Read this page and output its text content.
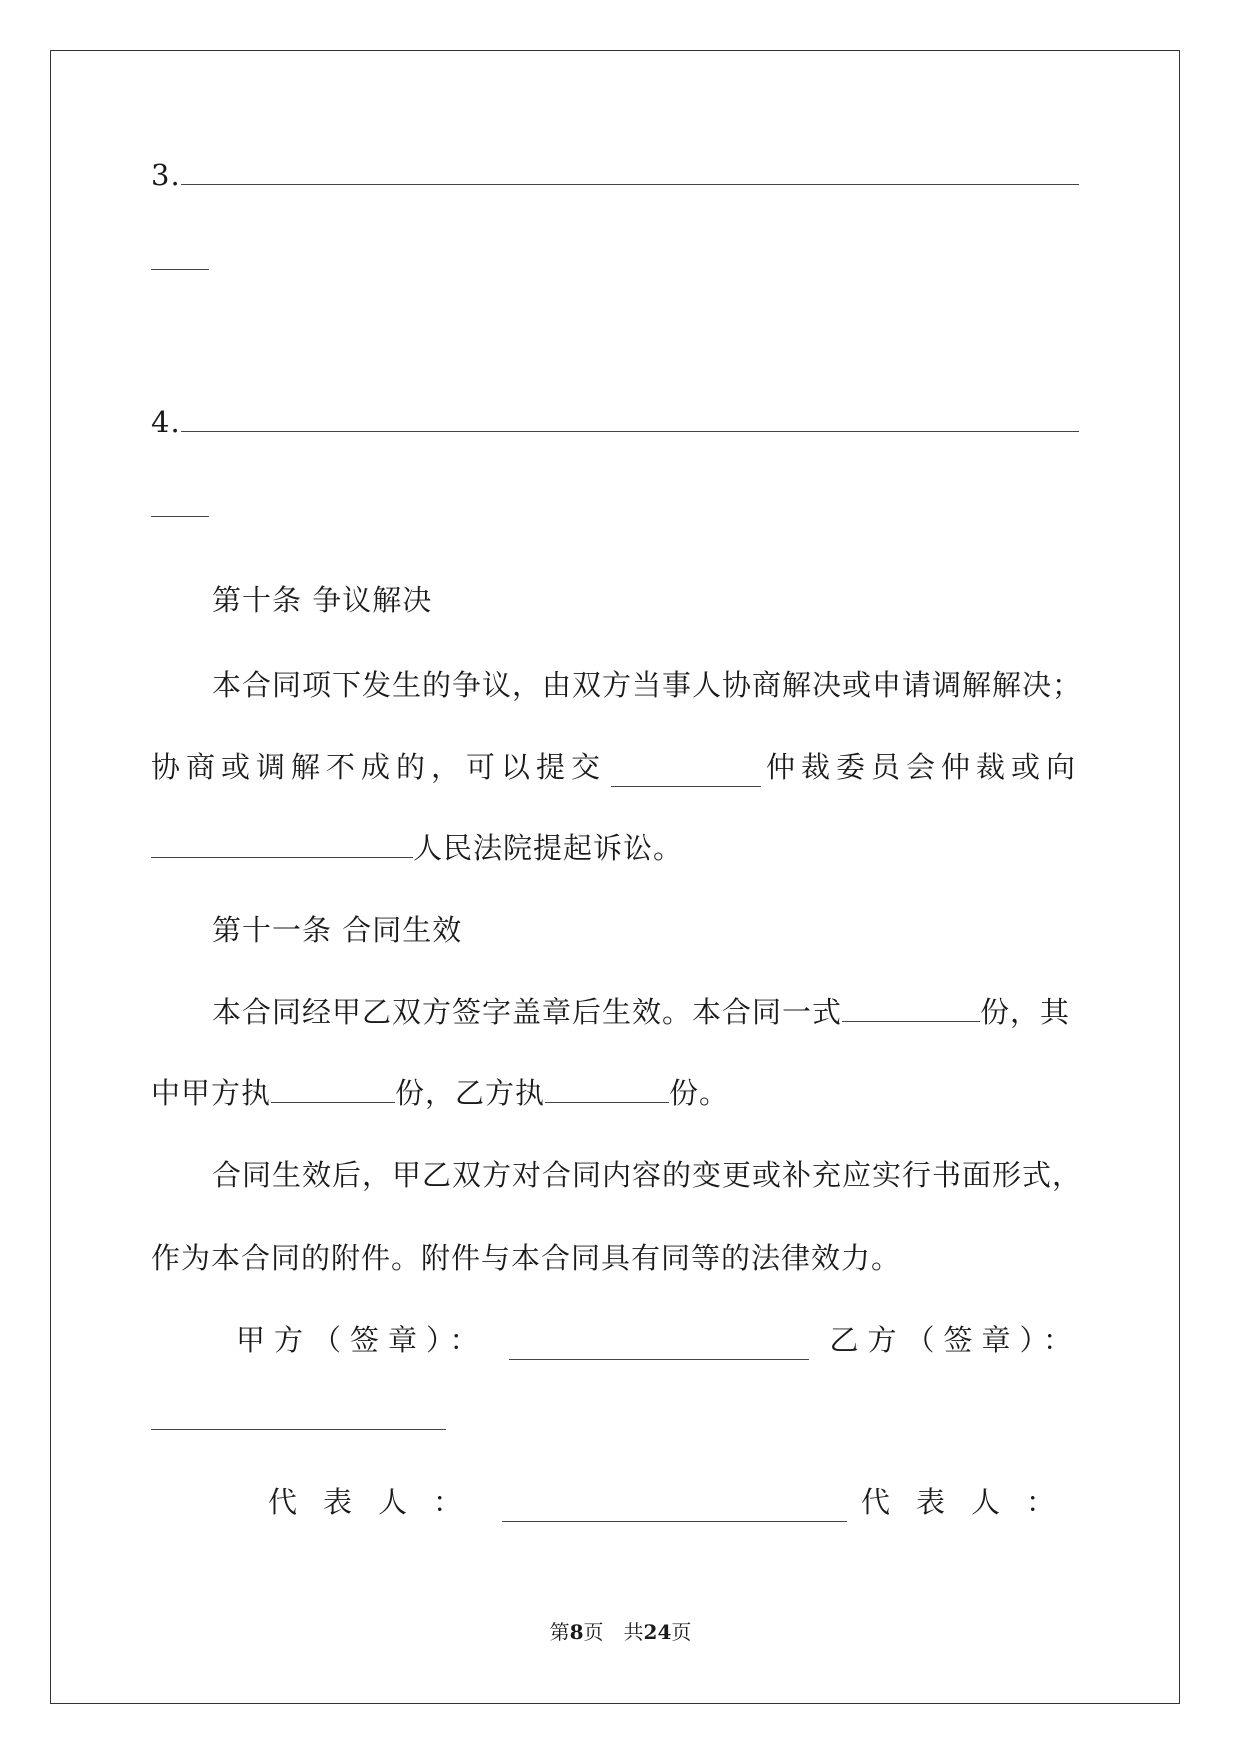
3.
4.
第十条 争议解决
本合同项下发生的争议，由双方当事人协商解决或申请调解解决；
协商或调解不成的，可以提交	仲裁委员会仲裁或向
人民法院提起诉讼。
第十一条 合同生效
本合同经甲乙双方签字盖章后生效。本合同一式	份，其
中甲方执	份，乙方执	份。
合同生效后，甲乙双方对合同内容的变更或补充应实行书面形式，
作为本合同的附件。附件与本合同具有同等的法律效力。
甲方（签章）：	乙方（签章）：
代表人：	代表人：
第8页　共24页
